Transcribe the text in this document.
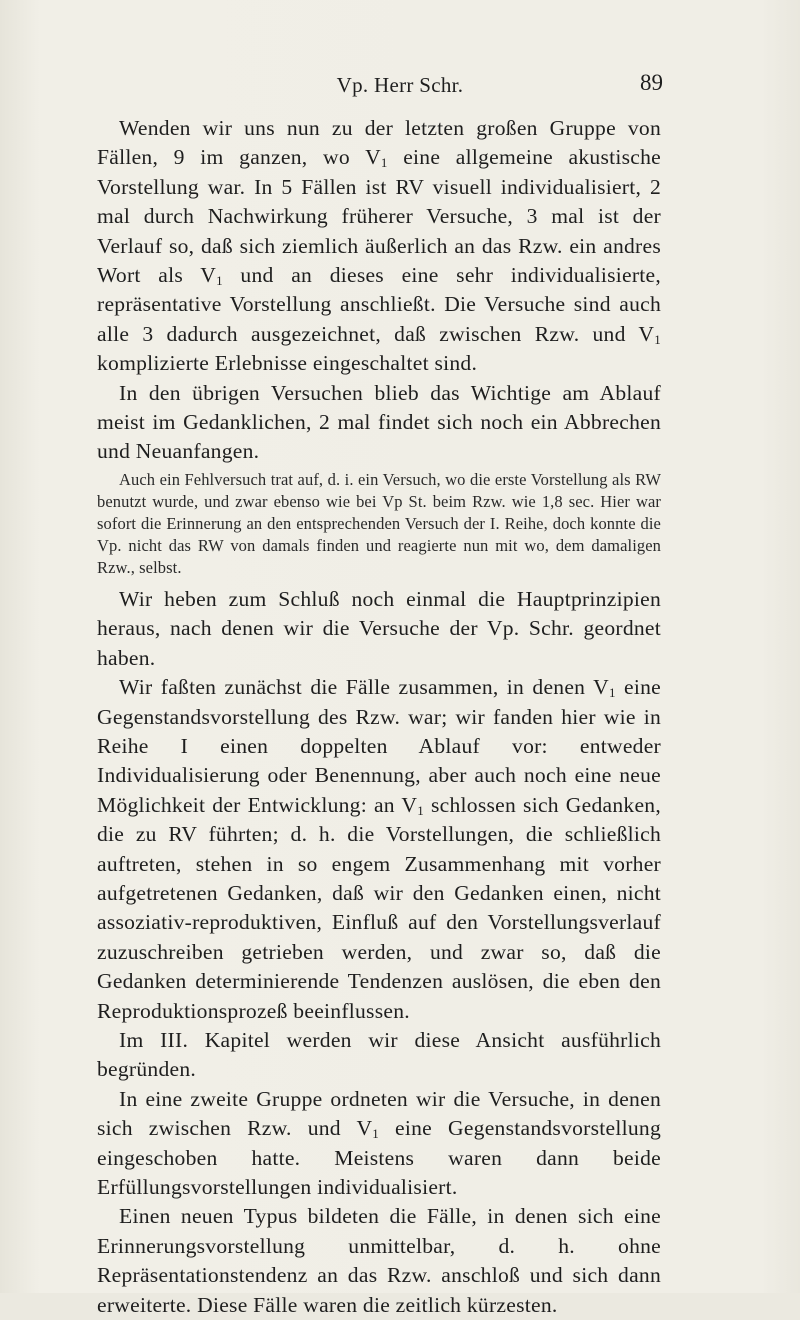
Vp. Herr Schr.	89

Wenden wir uns nun zu der letzten großen Gruppe von Fällen, 9 im ganzen, wo $V_1$ eine allgemeine akustische Vorstellung war. In 5 Fällen ist RV visuell individualisiert, 2 mal durch Nachwirkung früherer Versuche, 3 mal ist der Verlauf so, daß sich ziemlich äußerlich an das Rzw. ein andres Wort als $V_1$ und an dieses eine sehr individualisierte, repräsentative Vorstellung anschließt. Die Versuche sind auch alle 3 dadurch ausgezeichnet, daß zwischen Rzw. und $V_1$ komplizierte Erlebnisse eingeschaltet sind.

In den übrigen Versuchen blieb das Wichtige am Ablauf meist im Gedanklichen, 2 mal findet sich noch ein Abbrechen und Neuanfangen.

Auch ein Fehlversuch trat auf, d. i. ein Versuch, wo die erste Vorstellung als RW benutzt wurde, und zwar ebenso wie bei Vp St. beim Rzw. wie 1,8 sec. Hier war sofort die Erinnerung an den entsprechenden Versuch der I. Reihe, doch konnte die Vp. nicht das RW von damals finden und reagierte nun mit wo, dem damaligen Rzw., selbst.

Wir heben zum Schluß noch einmal die Hauptprinzipien heraus, nach denen wir die Versuche der Vp. Schr. geordnet haben.

Wir faßten zunächst die Fälle zusammen, in denen $V_1$ eine Gegenstandsvorstellung des Rzw. war; wir fanden hier wie in Reihe I einen doppelten Ablauf vor: entweder Individualisierung oder Benennung, aber auch noch eine neue Möglichkeit der Entwicklung: an $V_1$ schlossen sich Gedanken, die zu RV führten; d. h. die Vorstellungen, die schließlich auftreten, stehen in so engem Zusammenhang mit vorher aufgetretenen Gedanken, daß wir den Gedanken einen, nicht assoziativ-reproduktiven, Einfluß auf den Vorstellungsverlauf zuzuschreiben getrieben werden, und zwar so, daß die Gedanken determinierende Tendenzen auslösen, die eben den Reproduktionsprozeß beeinflussen.

Im III. Kapitel werden wir diese Ansicht ausführlich begründen.

In eine zweite Gruppe ordneten wir die Versuche, in denen sich zwischen Rzw. und $V_1$ eine Gegenstandsvorstellung eingeschoben hatte. Meistens waren dann beide Erfüllungsvorstellungen individualisiert.

Einen neuen Typus bildeten die Fälle, in denen sich eine Erinnerungsvorstellung unmittelbar, d. h. ohne Repräsentationstendenz an das Rzw. anschloß und sich dann erweiterte. Diese Fälle waren die zeitlich kürzesten.
